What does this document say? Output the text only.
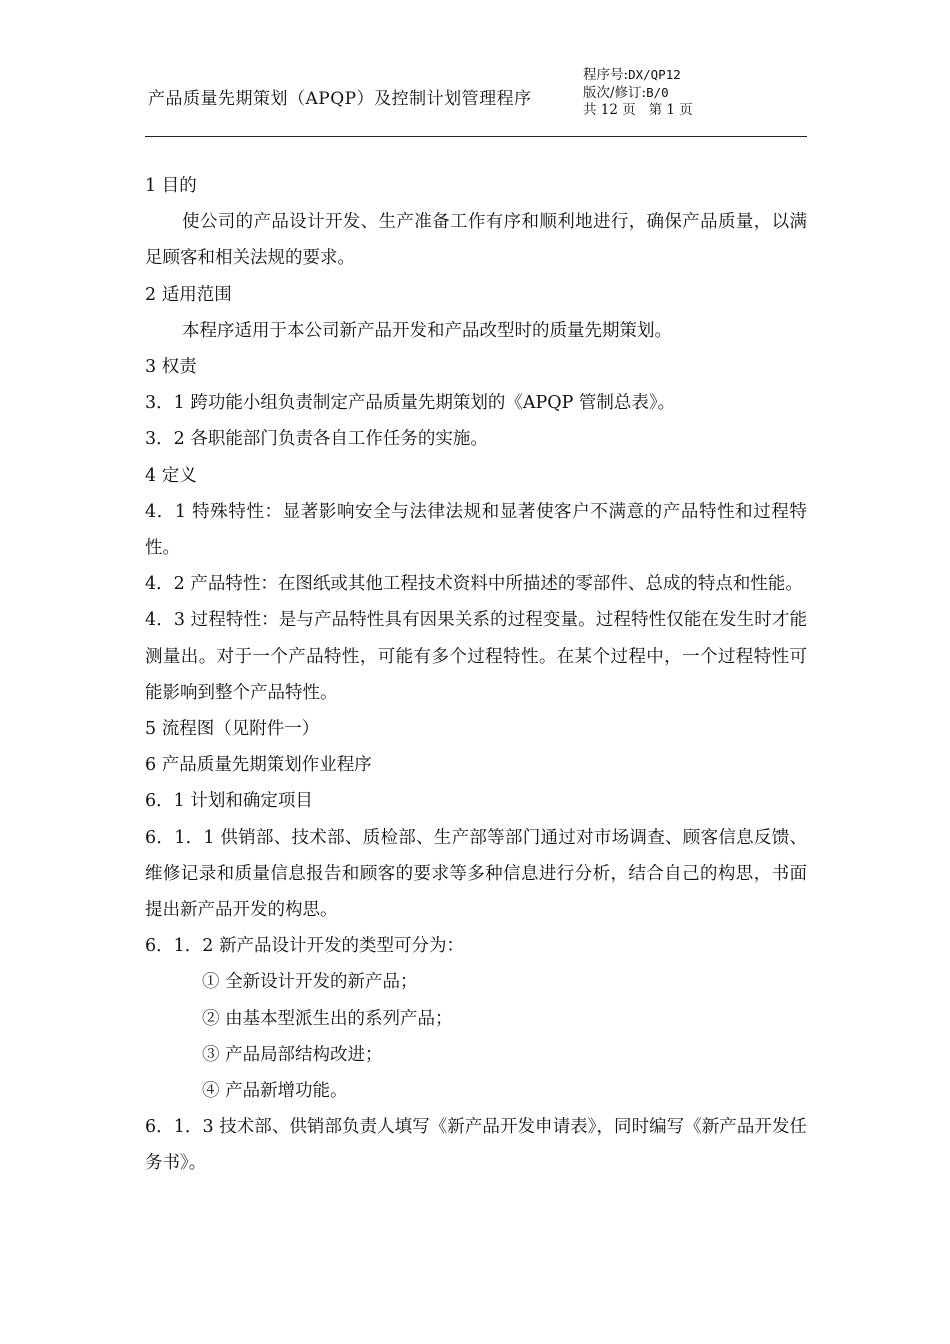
产品质量先期策划（APQP）及控制计划管理程序
程序号:DX/QP12
版次/修订:B/0
共 12 页 第 1 页

1 目的

使公司的产品设计开发、生产准备工作有序和顺利地进行，确保产品质量，以满足顾客和相关法规的要求。

2 适用范围

本程序适用于本公司新产品开发和产品改型时的质量先期策划。

3 权责

3．1 跨功能小组负责制定产品质量先期策划的《APQP 管制总表》。

3．2 各职能部门负责各自工作任务的实施。

4 定义

4．1 特殊特性：显著影响安全与法律法规和显著使客户不满意的产品特性和过程特性。

4．2 产品特性：在图纸或其他工程技术资料中所描述的零部件、总成的特点和性能。

4．3 过程特性：是与产品特性具有因果关系的过程变量。过程特性仅能在发生时才能测量出。对于一个产品特性，可能有多个过程特性。在某个过程中，一个过程特性可能影响到整个产品特性。

5 流程图（见附件一）

6 产品质量先期策划作业程序

6．1 计划和确定项目

6．1．1 供销部、技术部、质检部、生产部等部门通过对市场调查、顾客信息反馈、维修记录和质量信息报告和顾客的要求等多种信息进行分析，结合自己的构思，书面提出新产品开发的构思。

6．1．2 新产品设计开发的类型可分为：

① 全新设计开发的新产品；

② 由基本型派生出的系列产品；

③ 产品局部结构改进；

④ 产品新增功能。

6．1．3 技术部、供销部负责人填写《新产品开发申请表》，同时编写《新产品开发任务书》。
